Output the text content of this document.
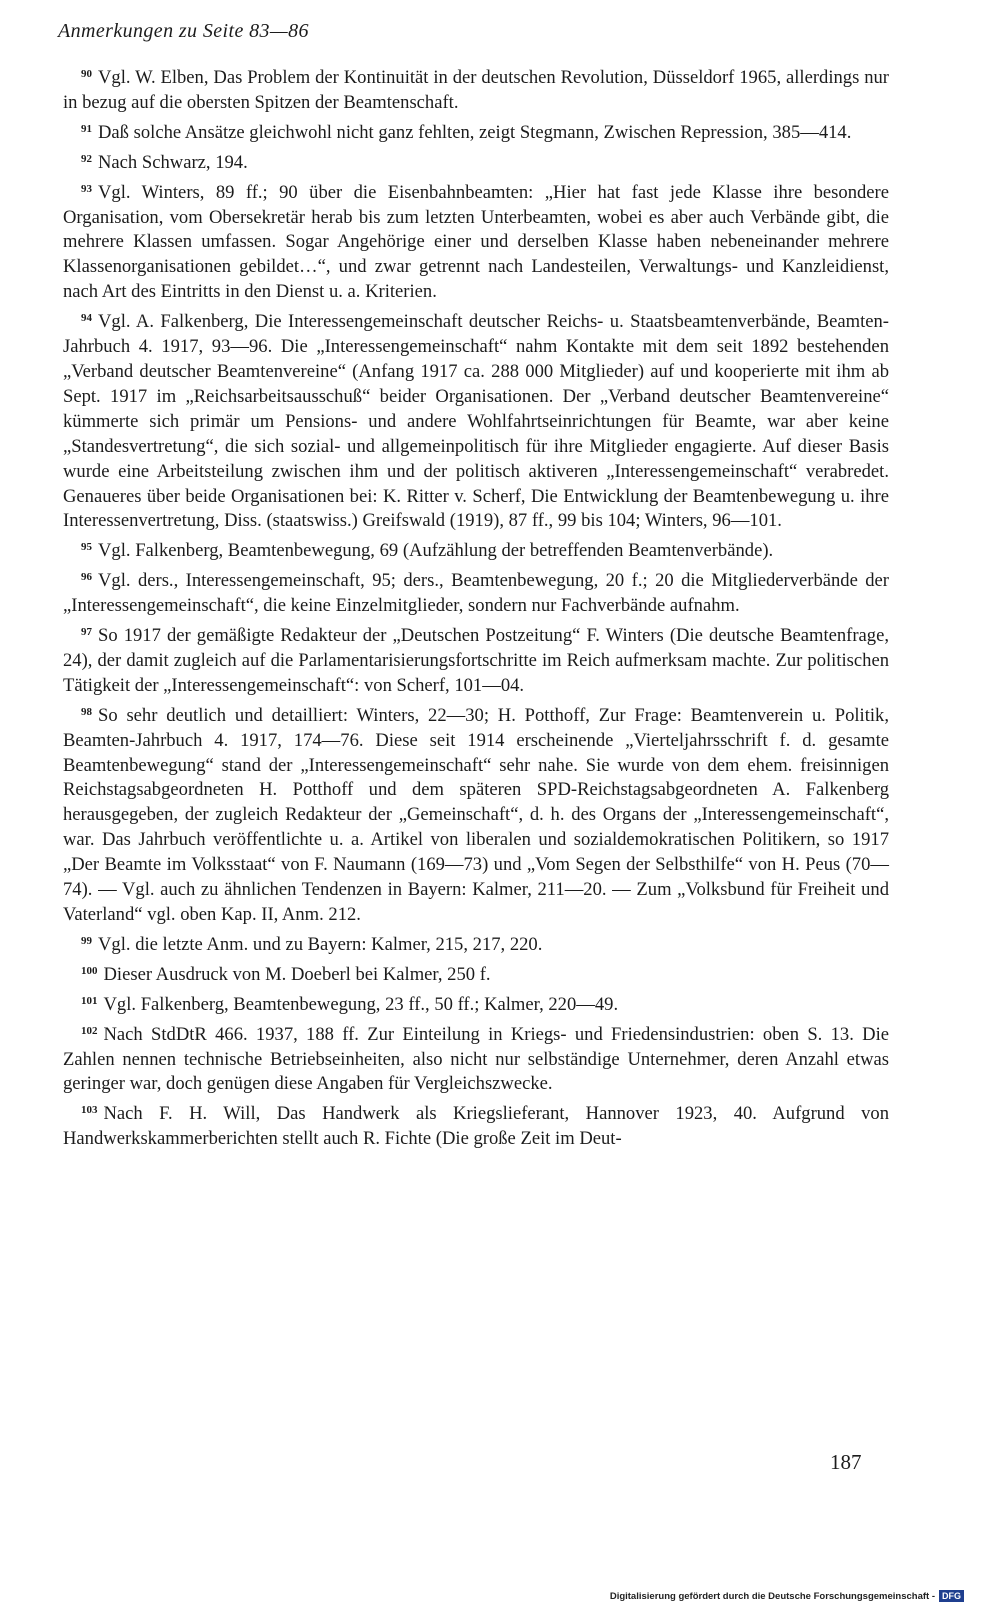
Anmerkungen zu Seite 83—86

$^{90}$ Vgl. W. Elben, Das Problem der Kontinuität in der deutschen Revolution, Düsseldorf 1965, allerdings nur in bezug auf die obersten Spitzen der Beamtenschaft.

$^{91}$ Daß solche Ansätze gleichwohl nicht ganz fehlten, zeigt Stegmann, Zwischen Repression, 385—414.

$^{92}$ Nach Schwarz, 194.

$^{93}$ Vgl. Winters, 89 ff.; 90 über die Eisenbahnbeamten: „Hier hat fast jede Klasse ihre besondere Organisation, vom Obersekretär herab bis zum letzten Unterbeamten, wobei es aber auch Verbände gibt, die mehrere Klassen umfassen. Sogar Angehörige einer und derselben Klasse haben nebeneinander mehrere Klassenorganisationen gebildet…“, und zwar getrennt nach Landesteilen, Verwaltungs- und Kanzleidienst, nach Art des Eintritts in den Dienst u. a. Kriterien.

$^{94}$ Vgl. A. Falkenberg, Die Interessengemeinschaft deutscher Reichs- u. Staatsbeamtenverbände, Beamten-Jahrbuch 4. 1917, 93—96. Die „Interessengemeinschaft“ nahm Kontakte mit dem seit 1892 bestehenden „Verband deutscher Beamtenvereine“ (Anfang 1917 ca. 288 000 Mitglieder) auf und kooperierte mit ihm ab Sept. 1917 im „Reichsarbeitsausschuß“ beider Organisationen. Der „Verband deutscher Beamtenvereine“ kümmerte sich primär um Pensions- und andere Wohlfahrtseinrichtungen für Beamte, war aber keine „Standesvertretung“, die sich sozial- und allgemeinpolitisch für ihre Mitglieder engagierte. Auf dieser Basis wurde eine Arbeitsteilung zwischen ihm und der politisch aktiveren „Interessengemeinschaft“ verabredet. Genaueres über beide Organisationen bei: K. Ritter v. Scherf, Die Entwicklung der Beamtenbewegung u. ihre Interessenvertretung, Diss. (staatswiss.) Greifswald (1919), 87 ff., 99 bis 104; Winters, 96—101.

$^{95}$ Vgl. Falkenberg, Beamtenbewegung, 69 (Aufzählung der betreffenden Beamtenverbände).

$^{96}$ Vgl. ders., Interessengemeinschaft, 95; ders., Beamtenbewegung, 20 f.; 20 die Mitgliederverbände der „Interessengemeinschaft“, die keine Einzelmitglieder, sondern nur Fachverbände aufnahm.

$^{97}$ So 1917 der gemäßigte Redakteur der „Deutschen Postzeitung“ F. Winters (Die deutsche Beamtenfrage, 24), der damit zugleich auf die Parlamentarisierungsfortschritte im Reich aufmerksam machte. Zur politischen Tätigkeit der „Interessengemeinschaft“: von Scherf, 101—04.

$^{98}$ So sehr deutlich und detailliert: Winters, 22—30; H. Potthoff, Zur Frage: Beamtenverein u. Politik, Beamten-Jahrbuch 4. 1917, 174—76. Diese seit 1914 erscheinende „Vierteljahrsschrift f. d. gesamte Beamtenbewegung“ stand der „Interessengemeinschaft“ sehr nahe. Sie wurde von dem ehem. freisinnigen Reichstagsabgeordneten H. Potthoff und dem späteren SPD-Reichstagsabgeordneten A. Falkenberg herausgegeben, der zugleich Redakteur der „Gemeinschaft“, d. h. des Organs der „Interessengemeinschaft“, war. Das Jahrbuch veröffentlichte u. a. Artikel von liberalen und sozialdemokratischen Politikern, so 1917 „Der Beamte im Volksstaat“ von F. Naumann (169—73) und „Vom Segen der Selbsthilfe“ von H. Peus (70—74). — Vgl. auch zu ähnlichen Tendenzen in Bayern: Kalmer, 211—20. — Zum „Volksbund für Freiheit und Vaterland“ vgl. oben Kap. II, Anm. 212.

$^{99}$ Vgl. die letzte Anm. und zu Bayern: Kalmer, 215, 217, 220.

$^{100}$ Dieser Ausdruck von M. Doeberl bei Kalmer, 250 f.

$^{101}$ Vgl. Falkenberg, Beamtenbewegung, 23 ff., 50 ff.; Kalmer, 220—49.

$^{102}$ Nach StdDtR 466. 1937, 188 ff. Zur Einteilung in Kriegs- und Friedensindustrien: oben S. 13. Die Zahlen nennen technische Betriebseinheiten, also nicht nur selbständige Unternehmer, deren Anzahl etwas geringer war, doch genügen diese Angaben für Vergleichszwecke.

$^{103}$ Nach F. H. Will, Das Handwerk als Kriegslieferant, Hannover 1923, 40. Aufgrund von Handwerkskammerberichten stellt auch R. Fichte (Die große Zeit im Deut-

187
Digitalisierung gefördert durch die Deutsche Forschungsgemeinschaft - DFG
